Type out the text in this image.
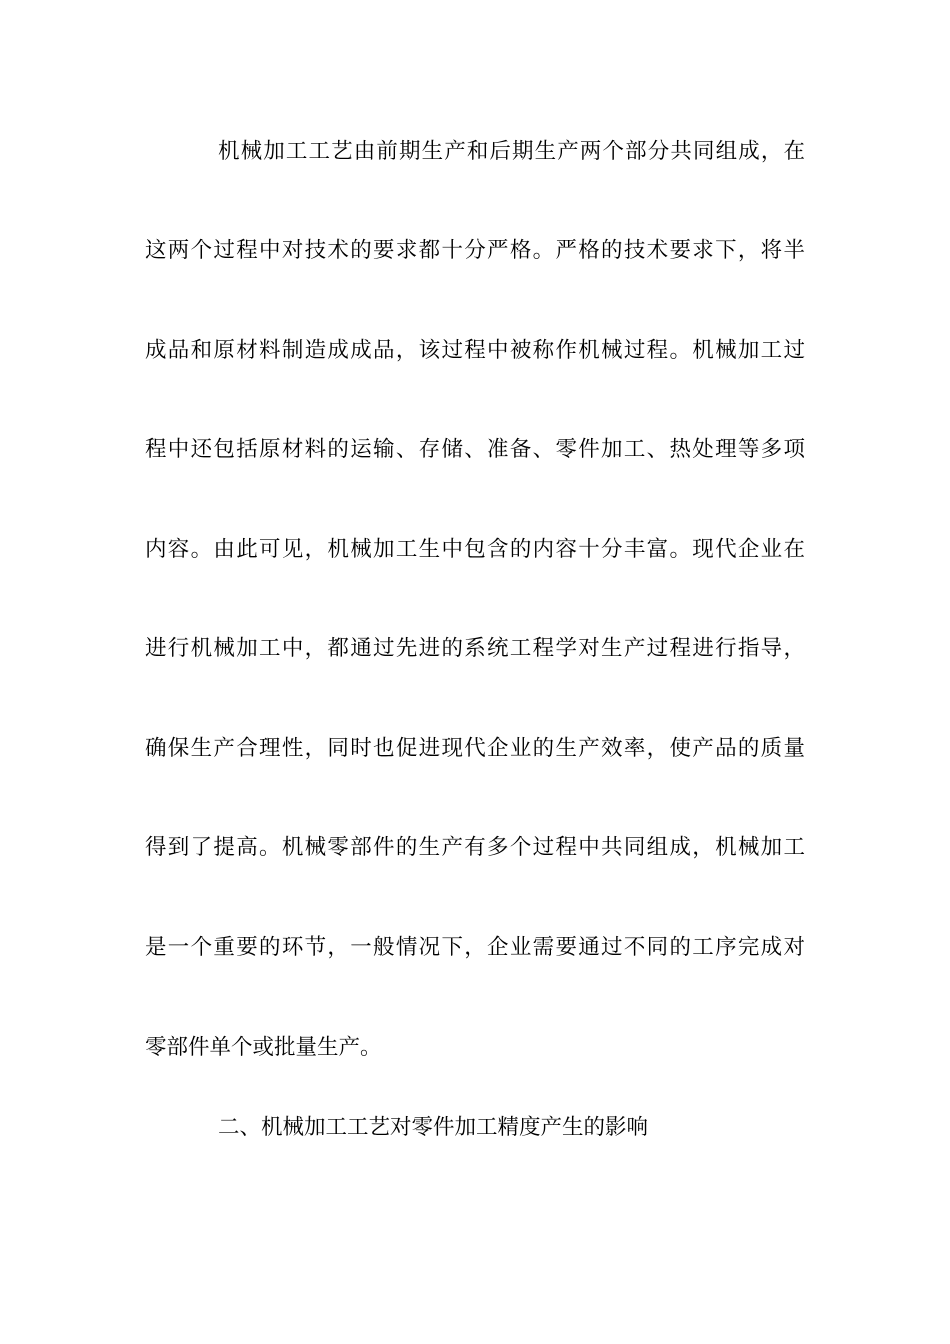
机械加工工艺由前期生产和后期生产两个部分共同组成，在
这两个过程中对技术的要求都十分严格。严格的技术要求下，将半
成品和原材料制造成成品，该过程中被称作机械过程。机械加工过
程中还包括原材料的运输、存储、准备、零件加工、热处理等多项
内容。由此可见，机械加工生中包含的内容十分丰富。现代企业在
进行机械加工中，都通过先进的系统工程学对生产过程进行指导，
确保生产合理性，同时也促进现代企业的生产效率，使产品的质量
得到了提高。机械零部件的生产有多个过程中共同组成，机械加工
是一个重要的环节，一般情况下，企业需要通过不同的工序完成对
零部件单个或批量生产。
二、机械加工工艺对零件加工精度产生的影响
